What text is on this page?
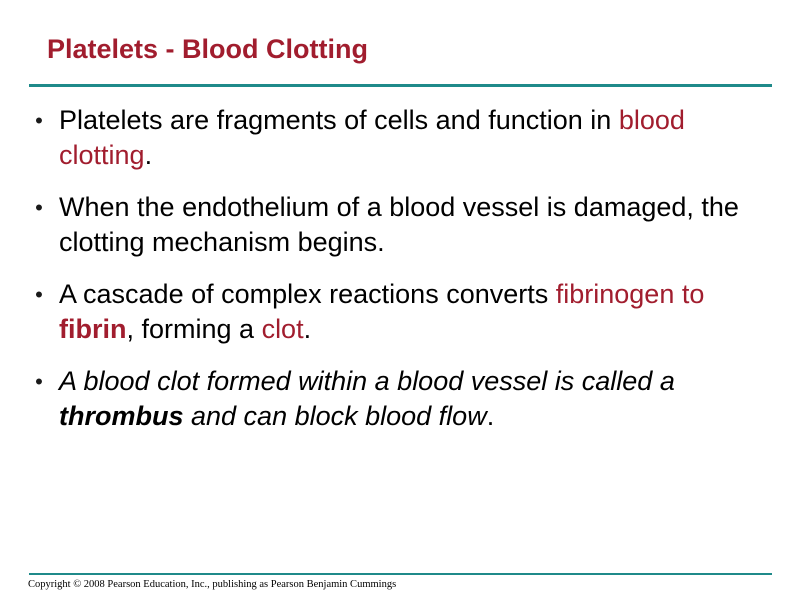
Platelets - Blood Clotting
• Platelets are fragments of cells and function in blood clotting.
• When the endothelium of a blood vessel is damaged, the clotting mechanism begins.
• A cascade of complex reactions converts fibrinogen to fibrin, forming a clot.
• A blood clot formed within a blood vessel is called a thrombus and can block blood flow.
Copyright © 2008 Pearson Education, Inc., publishing as Pearson Benjamin Cummings
